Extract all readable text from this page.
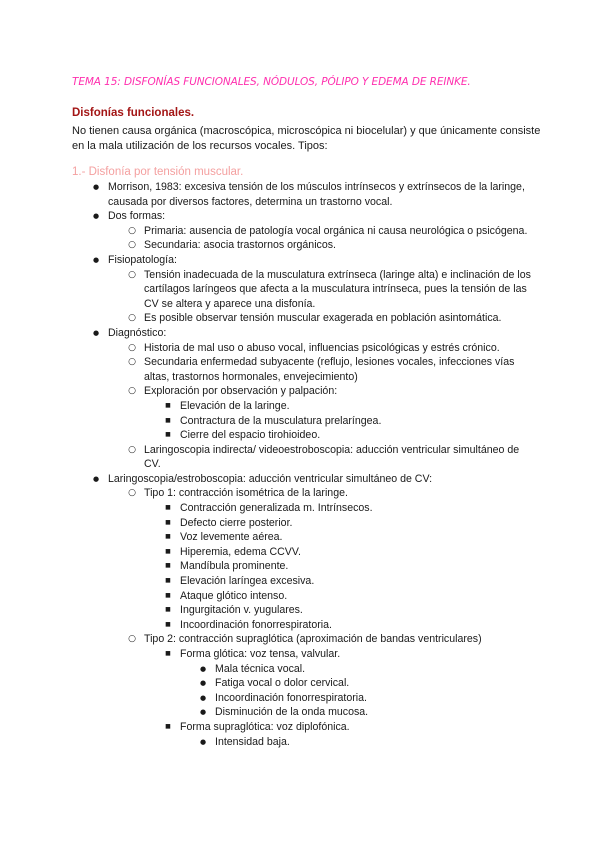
TEMA 15: DISFONÍAS FUNCIONALES, NÓDULOS, PÓLIPO Y EDEMA DE REINKE.
Disfonías funcionales.
No tienen causa orgánica (macroscópica, microscópica ni biocelular) y que únicamente consiste en la mala utilización de los recursos vocales. Tipos:
1.- Disfonía por tensión muscular.
● Morrison, 1983: excesiva tensión de los músculos intrínsecos y extrínsecos de la laringe, causada por diversos factores, determina un trastorno vocal.
● Dos formas:
○ Primaria: ausencia de patología vocal orgánica ni causa neurológica o psicógena.
○ Secundaria: asocia trastornos orgánicos.
● Fisiopatología:
○ Tensión inadecuada de la musculatura extrínseca (laringe alta) e inclinación de los cartílagos laríngeos que afecta a la musculatura intrínseca, pues la tensión de las CV se altera y aparece una disfonía.
○ Es posible observar tensión muscular exagerada en población asintomática.
● Diagnóstico:
○ Historia de mal uso o abuso vocal, influencias psicológicas y estrés crónico.
○ Secundaria enfermedad subyacente (reflujo, lesiones vocales, infecciones vías altas, trastornos hormonales, envejecimiento)
○ Exploración por observación y palpación:
■ Elevación de la laringe.
■ Contractura de la musculatura prelaríngea.
■ Cierre del espacio tirohioideo.
○ Laringoscopia indirecta/ videoestroboscopia: aducción ventricular simultáneo de CV.
● Laringoscopia/estroboscopia: aducción ventricular simultáneo de CV:
○ Tipo 1: contracción isométrica de la laringe.
■ Contracción generalizada m. Intrínsecos.
■ Defecto cierre posterior.
■ Voz levemente aérea.
■ Hiperemia, edema CCVV.
■ Mandíbula prominente.
■ Elevación laríngea excesiva.
■ Ataque glótico intenso.
■ Ingurgitación v. yugulares.
■ Incoordinación fonorrespiratoria.
○ Tipo 2: contracción supraglótica (aproximación de bandas ventriculares)
■ Forma glótica: voz tensa, valvular.
● Mala técnica vocal.
● Fatiga vocal o dolor cervical.
● Incoordinación fonorrespiratoria.
● Disminución de la onda mucosa.
■ Forma supraglótica: voz diplofónica.
● Intensidad baja.
